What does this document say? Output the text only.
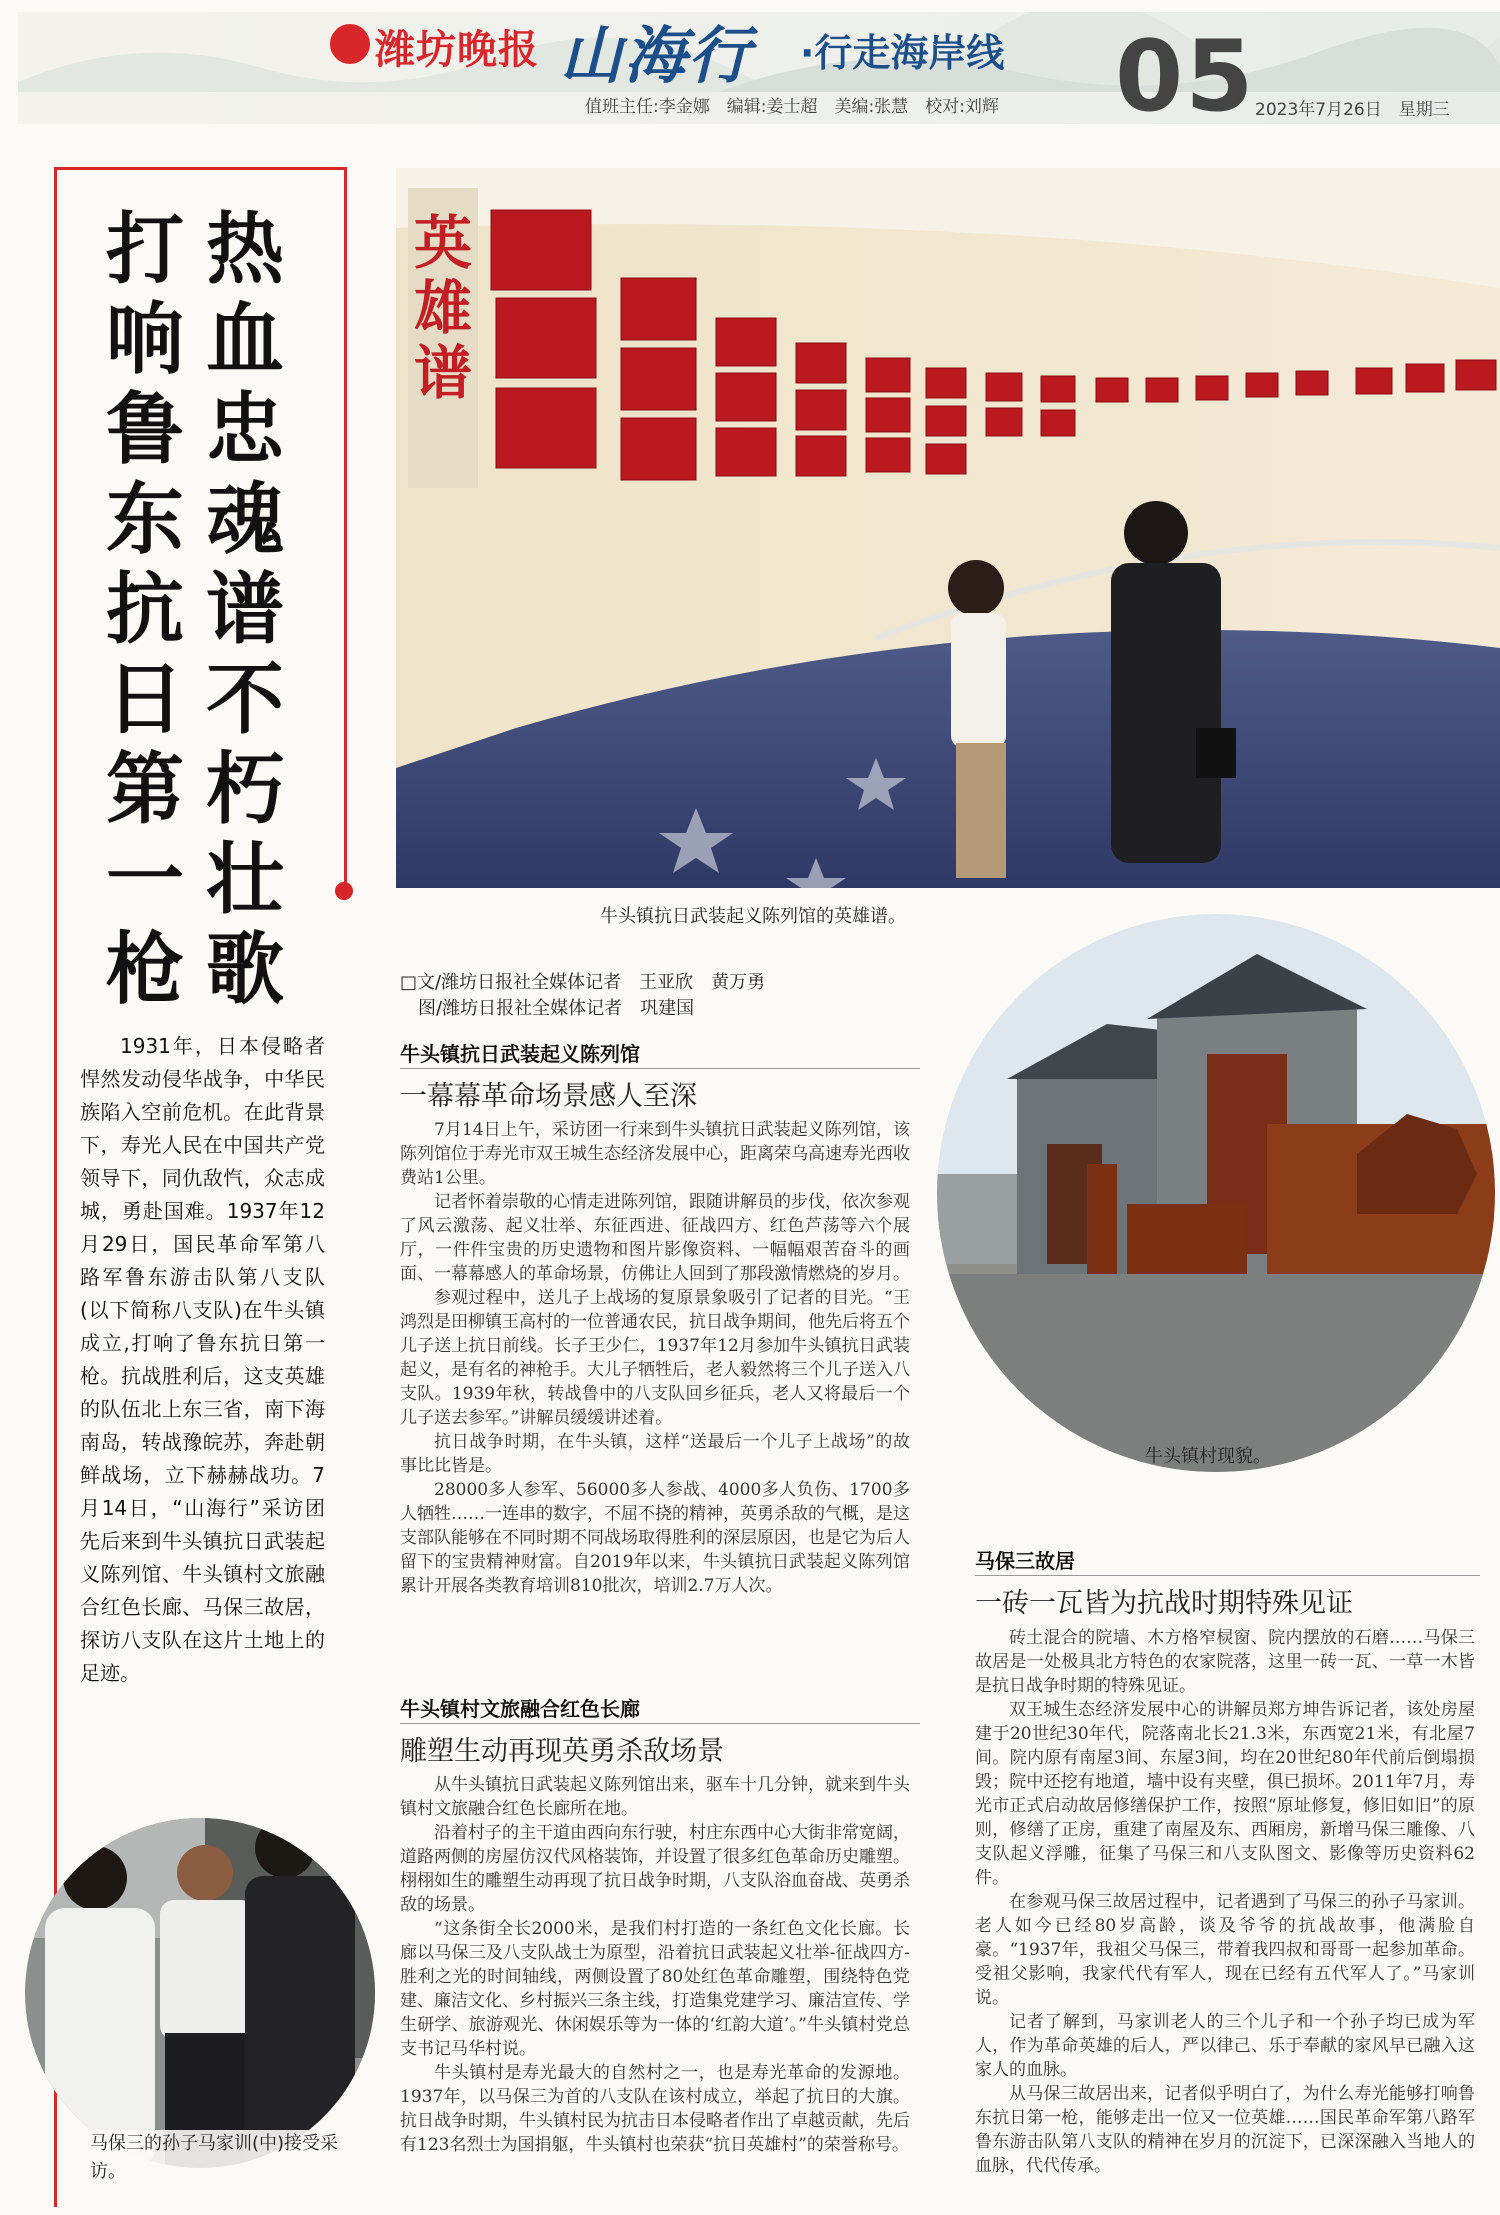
潍坊晚报 山海行 ·行走海岸线 05
值班主任:李金娜　编辑:姜士超　美编:张慧　校对:刘辉	2023年7月26日　星期三
热血忠魂谱不朽壮歌
打响鲁东抗日第一枪
1931年，日本侵略者悍然发动侵华战争，中华民族陷入空前危机。在此背景下，寿光人民在中国共产党领导下，同仇敌忾，众志成城，勇赴国难。1937年12月29日，国民革命军第八路军鲁东游击队第八支队(以下简称八支队)在牛头镇成立,打响了鲁东抗日第一枪。抗战胜利后，这支英雄的队伍北上东三省，南下海南岛，转战豫皖苏，奔赴朝鲜战场，立下赫赫战功。7月14日，“山海行”采访团先后来到牛头镇抗日武装起义陈列馆、牛头镇村文旅融合红色长廊、马保三故居，探访八支队在这片土地上的足迹。
英
雄
谱
牛头镇抗日武装起义陈列馆的英雄谱。
牛头镇村现貌。
马保三的孙子马家训(中)接受采访。
□文/潍坊日报社全媒体记者　王亚欣　黄万勇
图/潍坊日报社全媒体记者　巩建国
牛头镇抗日武装起义陈列馆
一幕幕革命场景感人至深

7月14日上午，采访团一行来到牛头镇抗日武装起义陈列馆，该陈列馆位于寿光市双王城生态经济发展中心，距离荣乌高速寿光西收费站1公里。

记者怀着崇敬的心情走进陈列馆，跟随讲解员的步伐，依次参观了风云激荡、起义壮举、东征西进、征战四方、红色芦荡等六个展厅，一件件宝贵的历史遗物和图片影像资料、一幅幅艰苦奋斗的画面、一幕幕感人的革命场景，仿佛让人回到了那段激情燃烧的岁月。

参观过程中，送儿子上战场的复原景象吸引了记者的目光。“王鸿烈是田柳镇王高村的一位普通农民，抗日战争期间，他先后将五个儿子送上抗日前线。长子王少仁，1937年12月参加牛头镇抗日武装起义，是有名的神枪手。大儿子牺牲后，老人毅然将三个儿子送入八支队。1939年秋，转战鲁中的八支队回乡征兵，老人又将最后一个儿子送去参军。”讲解员缓缓讲述着。

抗日战争时期，在牛头镇，这样“送最后一个儿子上战场”的故事比比皆是。

28000多人参军、56000多人参战、4000多人负伤、1700多人牺牲……一连串的数字，不屈不挠的精神，英勇杀敌的气概，是这支部队能够在不同时期不同战场取得胜利的深层原因，也是它为后人留下的宝贵精神财富。自2019年以来，牛头镇抗日武装起义陈列馆累计开展各类教育培训810批次，培训2.7万人次。

牛头镇村文旅融合红色长廊
雕塑生动再现英勇杀敌场景

从牛头镇抗日武装起义陈列馆出来，驱车十几分钟，就来到牛头镇村文旅融合红色长廊所在地。

沿着村子的主干道由西向东行驶，村庄东西中心大街非常宽阔，道路两侧的房屋仿汉代风格装饰，并设置了很多红色革命历史雕塑。栩栩如生的雕塑生动再现了抗日战争时期，八支队浴血奋战、英勇杀敌的场景。

“这条街全长2000米，是我们村打造的一条红色文化长廊。长廊以马保三及八支队战士为原型，沿着抗日武装起义壮举-征战四方-胜利之光的时间轴线，两侧设置了80处红色革命雕塑，围绕特色党建、廉洁文化、乡村振兴三条主线，打造集党建学习、廉洁宣传、学生研学、旅游观光、休闲娱乐等为一体的‘红韵大道’。”牛头镇村党总支书记马华村说。

牛头镇村是寿光最大的自然村之一，也是寿光革命的发源地。1937年，以马保三为首的八支队在该村成立，举起了抗日的大旗。抗日战争时期，牛头镇村民为抗击日本侵略者作出了卓越贡献，先后有123名烈士为国捐躯，牛头镇村也荣获“抗日英雄村”的荣誉称号。

马保三故居
一砖一瓦皆为抗战时期特殊见证

砖土混合的院墙、木方格窄棂窗、院内摆放的石磨……马保三故居是一处极具北方特色的农家院落，这里一砖一瓦、一草一木皆是抗日战争时期的特殊见证。

双王城生态经济发展中心的讲解员郑方坤告诉记者，该处房屋建于20世纪30年代，院落南北长21.3米，东西宽21米，有北屋7间。院内原有南屋3间、东屋3间，均在20世纪80年代前后倒塌损毁；院中还挖有地道，墙中设有夹壁，俱已损坏。2011年7月，寿光市正式启动故居修缮保护工作，按照“原址修复，修旧如旧”的原则，修缮了正房，重建了南屋及东、西厢房，新增马保三雕像、八支队起义浮雕，征集了马保三和八支队图文、影像等历史资料62件。

在参观马保三故居过程中，记者遇到了马保三的孙子马家训。老人如今已经80岁高龄，谈及爷爷的抗战故事，他满脸自豪。“1937年，我祖父马保三，带着我四叔和哥哥一起参加革命。受祖父影响，我家代代有军人，现在已经有五代军人了。”马家训说。

记者了解到，马家训老人的三个儿子和一个孙子均已成为军人，作为革命英雄的后人，严以律己、乐于奉献的家风早已融入这家人的血脉。

从马保三故居出来，记者似乎明白了，为什么寿光能够打响鲁东抗日第一枪，能够走出一位又一位英雄……国民革命军第八路军鲁东游击队第八支队的精神在岁月的沉淀下，已深深融入当地人的血脉，代代传承。
